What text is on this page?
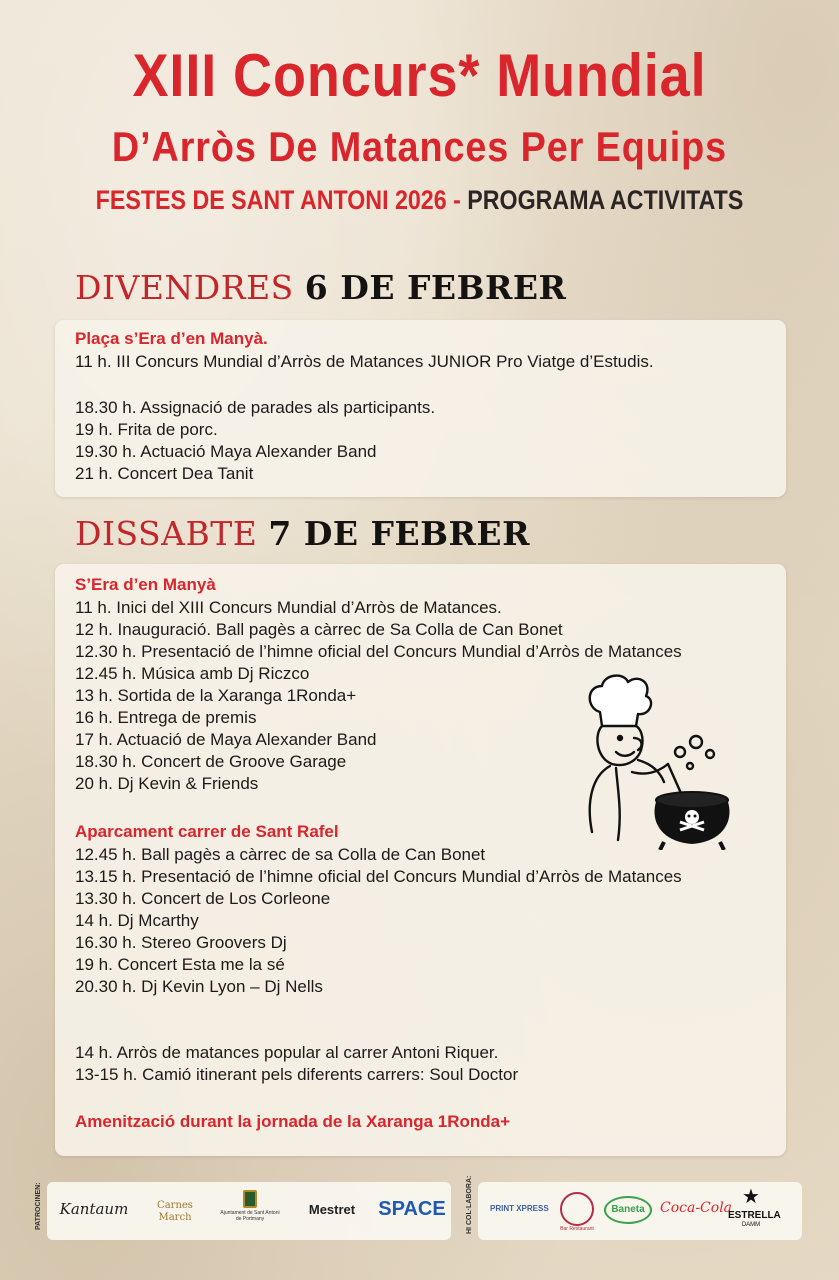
XIII Concurs* Mundial
D’Arròs De Matances Per Equips
FESTES DE SANT ANTONI 2026 - PROGRAMA ACTIVITATS
DIVENDRES 6 DE FEBRER
Plaça s’Era d’en Manyà.
11 h. III Concurs Mundial d’Arròs de Matances JUNIOR Pro Viatge d’Estudis.
18.30 h. Assignació de parades als participants.
19 h. Frita de porc.
19.30 h. Actuació Maya Alexander Band
21 h. Concert Dea Tanit
DISSABTE 7 DE FEBRER
S’Era d’en Manyà
11 h. Inici del XIII Concurs Mundial d’Arròs de Matances.
12 h. Inauguració. Ball pagès a càrrec de Sa Colla de Can Bonet
12.30 h. Presentació de l’himne oficial del Concurs Mundial d’Arròs de Matances
12.45 h. Música amb Dj Riczco
13 h. Sortida de la Xaranga 1Ronda+
16 h. Entrega de premis
17 h. Actuació de Maya Alexander Band
18.30 h. Concert de Groove Garage
20 h. Dj Kevin & Friends
Aparcament carrer de Sant Rafel
12.45 h. Ball pagès a càrrec de sa Colla de Can Bonet
13.15 h. Presentació de l’himne oficial del Concurs Mundial d’Arròs de Matances
13.30 h. Concert de Los Corleone
14 h. Dj Mcarthy
16.30 h. Stereo Groovers Dj
19 h. Concert Esta me la sé
20.30 h. Dj Kevin Lyon – Dj Nells
14 h. Arròs de matances popular al carrer Antoni Riquer.
13-15 h. Camió itinerant pels diferents carrers: Soul Doctor
Amenització durant la jornada de la Xaranga 1Ronda+
PATROCINEN: Kantaum	Carnes March	Ajuntament de Sant Antoni de Portmany
Mestret	SPACE	HI COL·LABORA: PRINT XPRESS
Bar Restaurant
Baneta	Coca-Cola ★
ESTRELLA
DAMM
